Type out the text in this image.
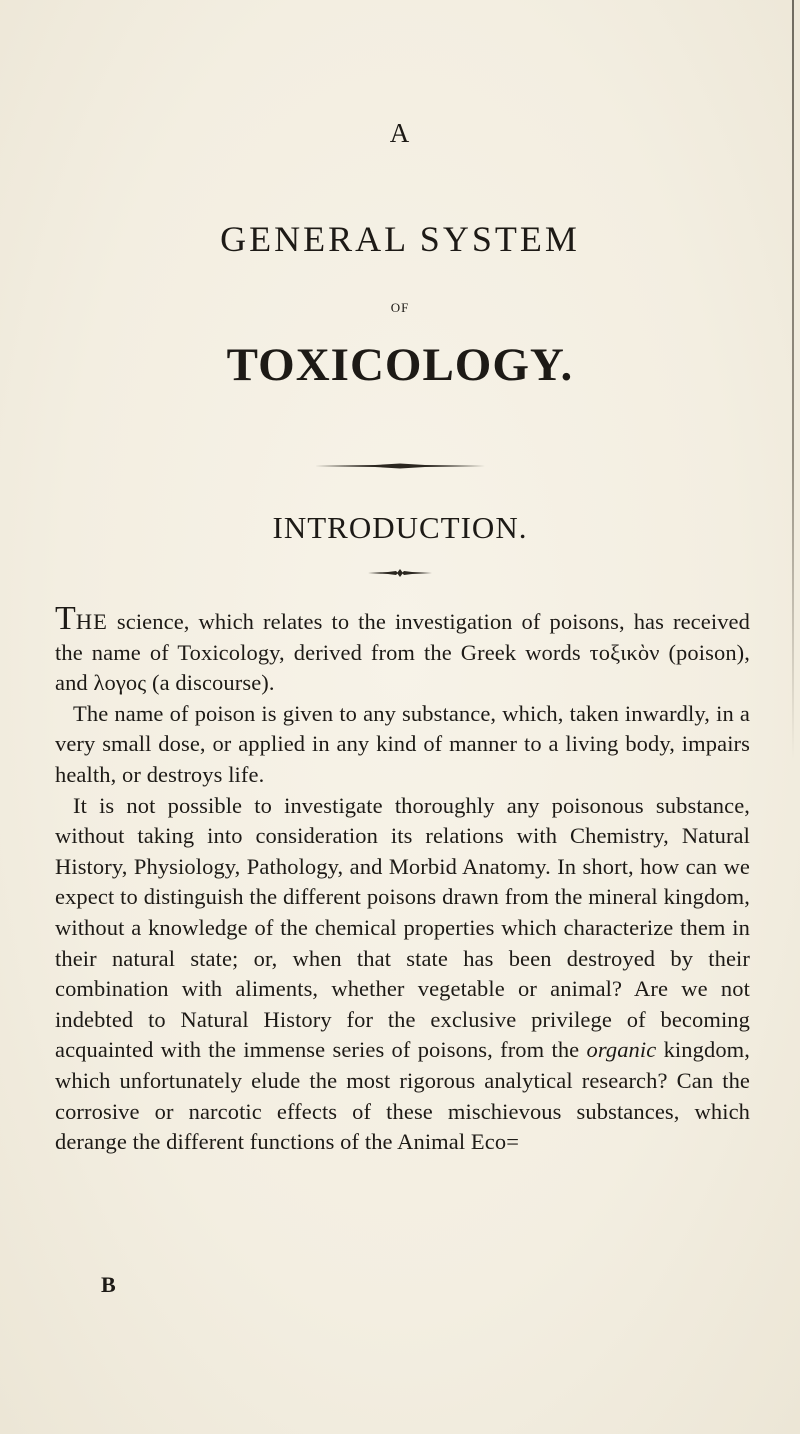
A
GENERAL SYSTEM
OF
TOXICOLOGY.
INTRODUCTION.

THE science, which relates to the investigation of poisons, has received the name of Toxicology, derived from the Greek words τοξικὸν (poison), and λογος (a discourse).

The name of poison is given to any substance, which, taken inwardly, in a very small dose, or applied in any kind of manner to a living body, impairs health, or destroys life.

It is not possible to investigate thoroughly any poisonous substance, without taking into consideration its relations with Chemistry, Natural History, Physiology, Pathology, and Morbid Anatomy. In short, how can we expect to distinguish the different poisons drawn from the mineral kingdom, without a knowledge of the chemical properties which characterize them in their natural state; or, when that state has been destroyed by their combination with aliments, whether vegetable or animal? Are we not indebted to Natural History for the exclusive privilege of becoming acquainted with the immense series of poisons, from the organic kingdom, which unfortunately elude the most rigorous analytical research? Can the corrosive or narcotic effects of these mischievous substances, which derange the different functions of the Animal Eco=

B
